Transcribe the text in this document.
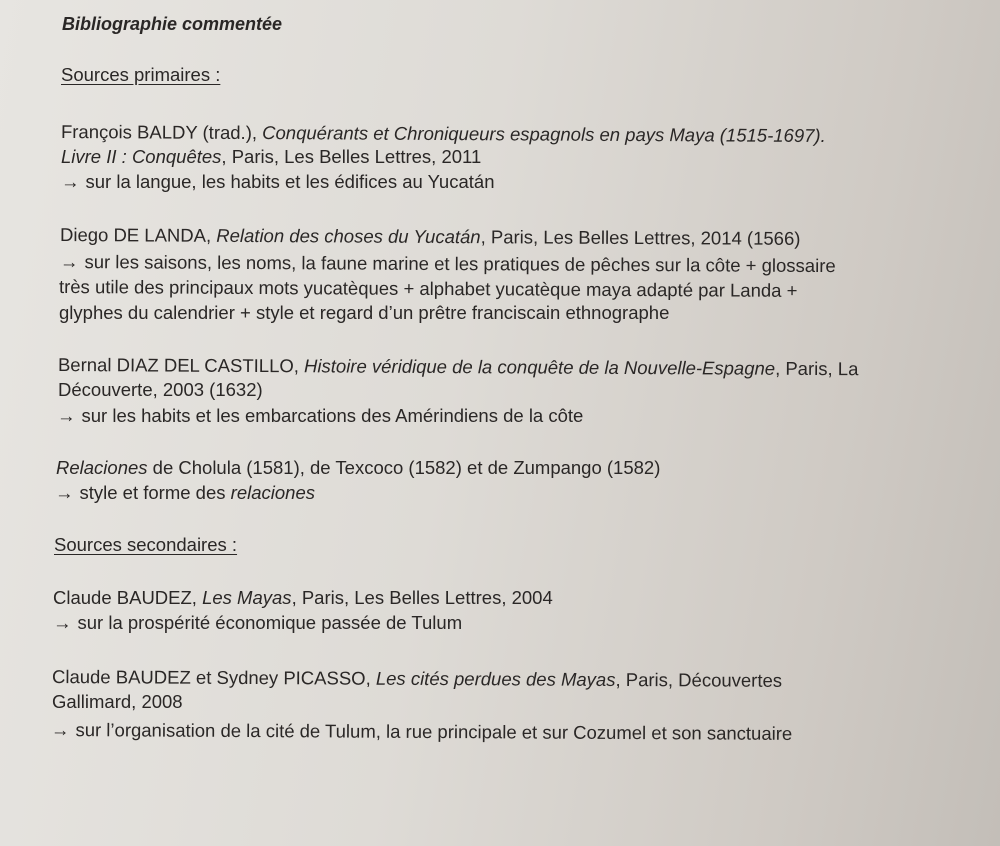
Bibliographie commentée
Sources primaires :
François BALDY (trad.), Conquérants et Chroniqueurs espagnols en pays Maya (1515-1697).
Livre II : Conquêtes, Paris, Les Belles Lettres, 2011
→ sur la langue, les habits et les édifices au Yucatán
Diego DE LANDA, Relation des choses du Yucatán, Paris, Les Belles Lettres, 2014 (1566)
→ sur les saisons, les noms, la faune marine et les pratiques de pêches sur la côte + glossaire
très utile des principaux mots yucatèques + alphabet yucatèque maya adapté par Landa +
glyphes du calendrier + style et regard d’un prêtre franciscain ethnographe
Bernal DIAZ DEL CASTILLO, Histoire véridique de la conquête de la Nouvelle-Espagne, Paris, La
Découverte, 2003 (1632)
→ sur les habits et les embarcations des Amérindiens de la côte
Relaciones de Cholula (1581), de Texcoco (1582) et de Zumpango (1582)
→ style et forme des relaciones
Sources secondaires :
Claude BAUDEZ, Les Mayas, Paris, Les Belles Lettres, 2004
→ sur la prospérité économique passée de Tulum
Claude BAUDEZ et Sydney PICASSO, Les cités perdues des Mayas, Paris, Découvertes
Gallimard, 2008
→ sur l’organisation de la cité de Tulum, la rue principale et sur Cozumel et son sanctuaire
